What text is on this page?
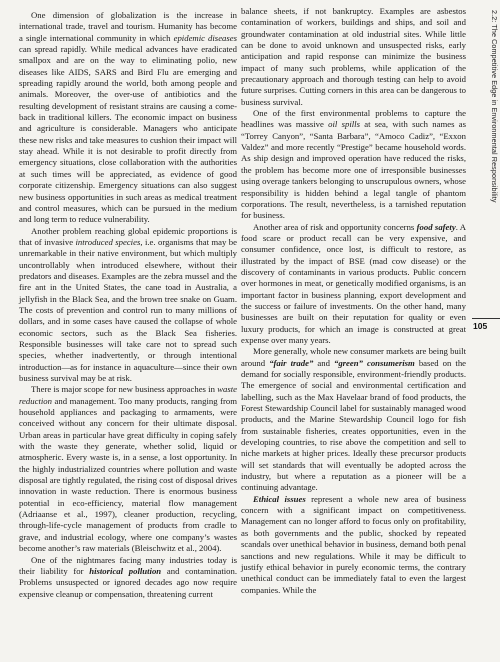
One dimension of globalization is the increase in international trade, travel and tourism. Humanity has become a single international community in which epidemic diseases can spread rapidly. While medical advances have eradicated smallpox and are on the way to eliminating polio, new diseases like AIDS, SARS and Bird Flu are emerging and spreading rapidly around the world, both among people and animals. Moreover, the over-use of antibiotics and the resulting development of resistant strains are causing a come-back in traditional killers. The economic impact on business and agriculture is considerable. Managers who anticipate these new risks and take measures to cushion their impact will stay ahead. While it is not desirable to profit directly from emergency situations, close collaboration with the authorities at such times will be appreciated, as evidence of good corporate citizenship. Emergency situations can also suggest new business opportunities in such areas as medical treatment and control measures, which can be pursued in the medium and long term to reduce vulnerability.

Another problem reaching global epidemic proportions is that of invasive introduced species, i.e. organisms that may be unremarkable in their native environment, but which multiply uncontrollably when introduced elsewhere, without their predators and diseases. Examples are the zebra mussel and the fire ant in the United States, the cane toad in Australia, a jellyfish in the Black Sea, and the brown tree snake on Guam. The costs of prevention and control run to many millions of dollars, and in some cases have caused the collapse of whole economic sectors, such as the Black Sea fisheries. Responsible businesses will take care not to spread such species, whether inadvertently, or through intentional introduction—as for instance in aquaculture—since their own business survival may be at risk.

There is major scope for new business approaches in waste reduction and management. Too many products, ranging from household appliances and packaging to armaments, were conceived without any concern for their ultimate disposal. Urban areas in particular have great difficulty in coping safely with the waste they generate, whether solid, liquid or atmospheric. Every waste is, in a sense, a lost opportunity. In the highly industrialized countries where pollution and waste disposal are tightly regulated, the rising cost of disposal drives innovation in waste reduction. There is enormous business potential in eco-efficiency, material flow management (Adriaanse et al., 1997), cleaner production, recycling, through-life-cycle management of products from cradle to grave, and industrial ecology, where one company’s wastes become another’s raw materials (Bleischwitz et al., 2004).

One of the nightmares facing many industries today is their liability for historical pollution and contamination. Problems unsuspected or ignored decades ago now require expensive cleanup or compensation, threatening current

balance sheets, if not bankruptcy. Examples are asbestos contamination of workers, buildings and ships, and soil and groundwater contamination at old industrial sites. While little can be done to avoid unknown and unsuspected risks, early anticipation and rapid response can minimize the business impact of many such problems, while application of the precautionary approach and thorough testing can help to avoid future surprises. Cutting corners in this area can be dangerous to business survival.

One of the first environmental problems to capture the headlines was massive oil spills at sea, with such names as “Torrey Canyon”, “Santa Barbara”, “Amoco Cadiz”, “Exxon Valdez” and more recently “Prestige” became household words. As ship design and improved operation have reduced the risks, the problem has become more one of irresponsible businesses using overage tankers belonging to unscrupulous owners, whose responsibility is hidden behind a legal tangle of phantom corporations. The result, nevertheless, is a tarnished reputation for business.

Another area of risk and opportunity concerns food safety. A food scare or product recall can be very expensive, and consumer confidence, once lost, is difficult to restore, as illustrated by the impact of BSE (mad cow disease) or the discovery of contaminants in various products. Public concern over hormones in meat, or genetically modified organisms, is an important factor in business planning, export development and the success or failure of investments. On the other hand, many businesses are built on their reputation for quality or even luxury products, for which an image is constructed at great expense over many years.

More generally, whole new consumer markets are being built around “fair trade” and “green” consumerism based on the demand for socially responsible, environment-friendly products. The emergence of social and environmental certification and labelling, such as the Max Havelaar brand of food products, the Forest Stewardship Council label for sustainably managed wood products, and the Marine Stewardship Council logo for fish from sustainable fisheries, creates opportunities, even in the developing countries, to rise above the competition and sell to niche markets at higher prices. Ideally these precursor products will set standards that will eventually be adopted across the industry, but where a reputation as a pioneer will be a continuing advantage.

Ethical issues represent a whole new area of business concern with a significant impact on competitiveness. Management can no longer afford to focus only on profitability, as both governments and the public, shocked by repeated scandals over unethical behavior in business, demand both penal sanctions and new regulations. While it may be difficult to justify ethical behavior in purely economic terms, the contrary unethical conduct can be immediately fatal to even the largest companies. While the

2.2: The Competitive Edge in Environmental Responsibility
105
